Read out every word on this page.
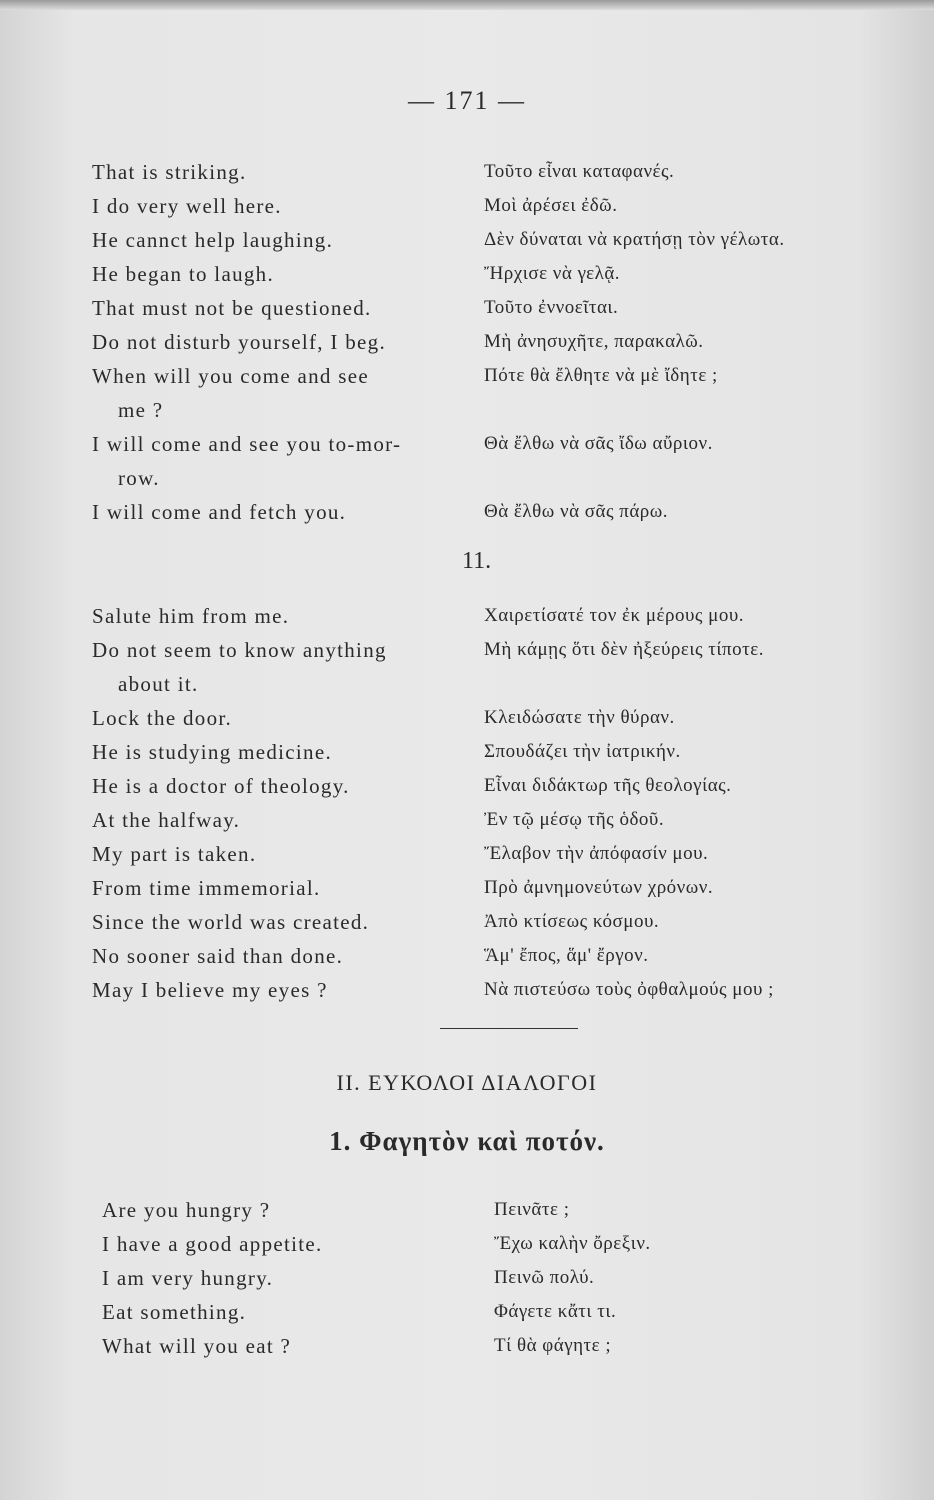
— 171 —
That is striking.	Τοῦτο εἶναι καταφανές.
I do very well here.	Μοὶ ἀρέσει ἐδῶ.
He cannct help laughing.	Δὲν δύναται νὰ κρατήσῃ τὸν γέλωτα.
He began to laugh.	Ἤρχισε νὰ γελᾷ.
That must not be questioned.	Τοῦτο ἐννοεῖται.
Do not disturb yourself, I beg.	Μὴ ἀνησυχῆτε, παρακαλῶ.
When will you come and see	Πότε θὰ ἔλθητε νὰ μὲ ἴδητε ;
me ?
I will come and see you to-mor-	Θὰ ἔλθω νὰ σᾶς ἴδω αὔριον.
row.
I will come and fetch you.	Θὰ ἔλθω νὰ σᾶς πάρω.
Salute him from me.	Χαιρετίσατέ τον ἐκ μέρους μου.
Do not seem to know anything	Μὴ κάμῃς ὅτι δὲν ἠξεύρεις τίποτε.
about it.
Lock the door.	Κλειδώσατε τὴν θύραν.
He is studying medicine.	Σπουδάζει τὴν ἰατρικήν.
He is a doctor of theology.	Εἶναι διδάκτωρ τῆς θεολογίας.
At the halfway.	Ἐν τῷ μέσῳ τῆς ὁδοῦ.
My part is taken.	Ἔλαβον τὴν ἀπόφασίν μου.
From time immemorial.	Πρὸ ἀμνημονεύτων χρόνων.
Since the world was created.	Ἀπὸ κτίσεως κόσμου.
No sooner said than done.	Ἅμ' ἔπος, ἅμ' ἔργον.
May I believe my eyes ?	Νὰ πιστεύσω τοὺς ὀφθαλμούς μου ;
11.
II. ΕΥΚΟΛΟΙ ΔΙΑΛΟΓΟΙ
1. Φαγητὸν καὶ ποτόν.
Are you hungry ?	Πεινᾶτε ;
I have a good appetite.	Ἔχω καλὴν ὄρεξιν.
I am very hungry.	Πεινῶ πολύ.
Eat something.	Φάγετε κἄτι τι.
What will you eat ?	Τί θὰ φάγητε ;
